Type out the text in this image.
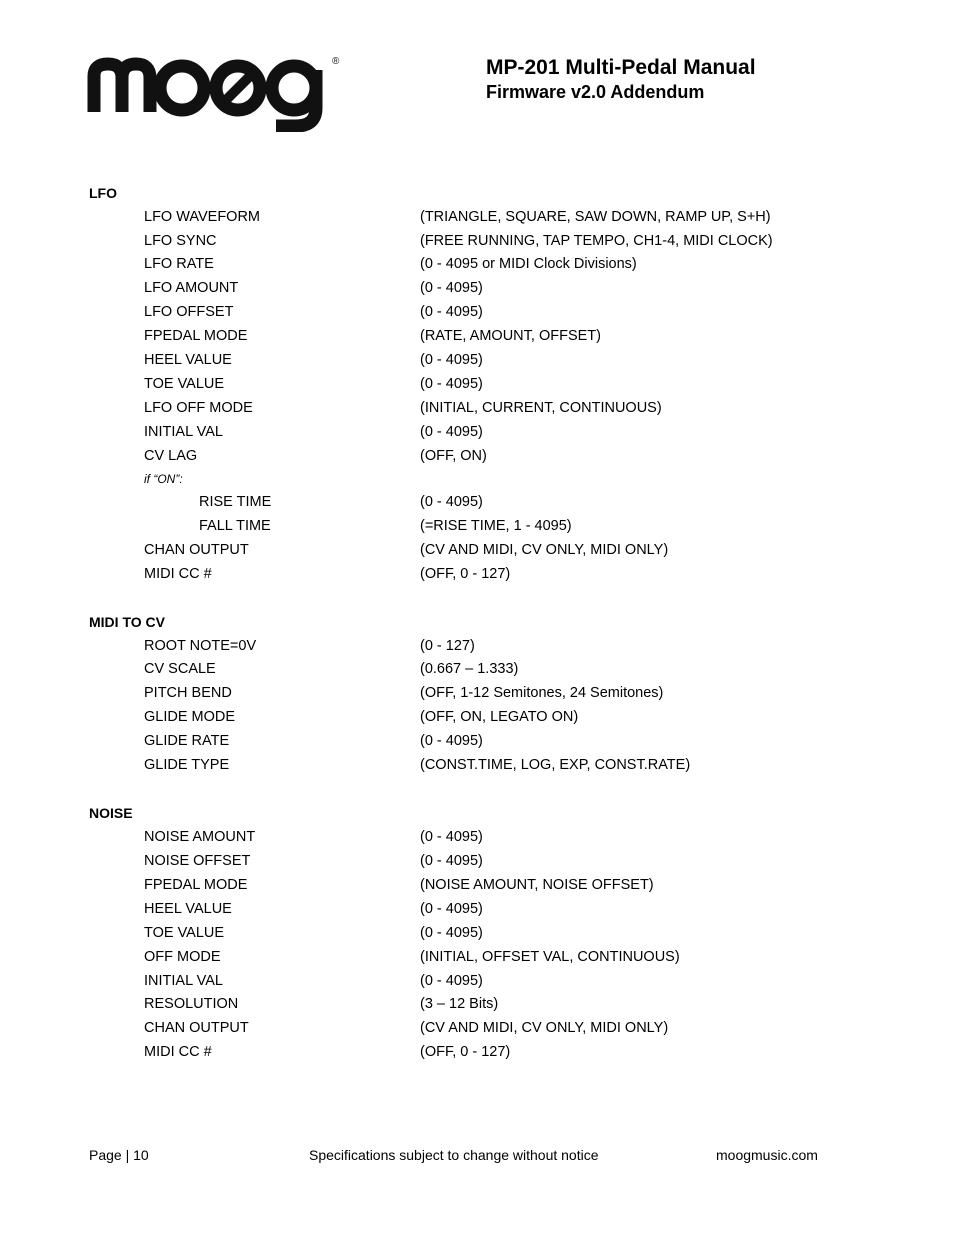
®	MP-201 Multi-Pedal Manual
Firmware v2.0 Addendum
LFO
LFO WAVEFORM	(TRIANGLE, SQUARE, SAW DOWN, RAMP UP, S+H)
LFO SYNC	(FREE RUNNING, TAP TEMPO, CH1-4, MIDI CLOCK)
LFO RATE	(0 - 4095 or MIDI Clock Divisions)
LFO AMOUNT	(0 - 4095)
LFO OFFSET	(0 - 4095)
FPEDAL MODE	(RATE, AMOUNT, OFFSET)
HEEL VALUE	(0 - 4095)
TOE VALUE	(0 - 4095)
LFO OFF MODE	(INITIAL, CURRENT, CONTINUOUS)
INITIAL VAL	(0 - 4095)
CV LAG	(OFF, ON)
if “ON”:
RISE TIME	(0 - 4095)
FALL TIME	(=RISE TIME, 1 - 4095)
CHAN OUTPUT	(CV AND MIDI, CV ONLY, MIDI ONLY)
MIDI CC #	(OFF, 0 - 127)
MIDI TO CV
ROOT NOTE=0V	(0 - 127)
CV SCALE	(0.667 – 1.333)
PITCH BEND	(OFF, 1-12 Semitones, 24 Semitones)
GLIDE MODE	(OFF, ON, LEGATO ON)
GLIDE RATE	(0 - 4095)
GLIDE TYPE	(CONST.TIME, LOG, EXP, CONST.RATE)
NOISE
NOISE AMOUNT	(0 - 4095)
NOISE OFFSET	(0 - 4095)
FPEDAL MODE	(NOISE AMOUNT, NOISE OFFSET)
HEEL VALUE	(0 - 4095)
TOE VALUE	(0 - 4095)
OFF MODE	(INITIAL, OFFSET VAL, CONTINUOUS)
INITIAL VAL	(0 - 4095)
RESOLUTION	(3 – 12 Bits)
CHAN OUTPUT	(CV AND MIDI, CV ONLY, MIDI ONLY)
MIDI CC #	(OFF, 0 - 127)
Page | 10	Specifications subject to change without notice	moogmusic.com
